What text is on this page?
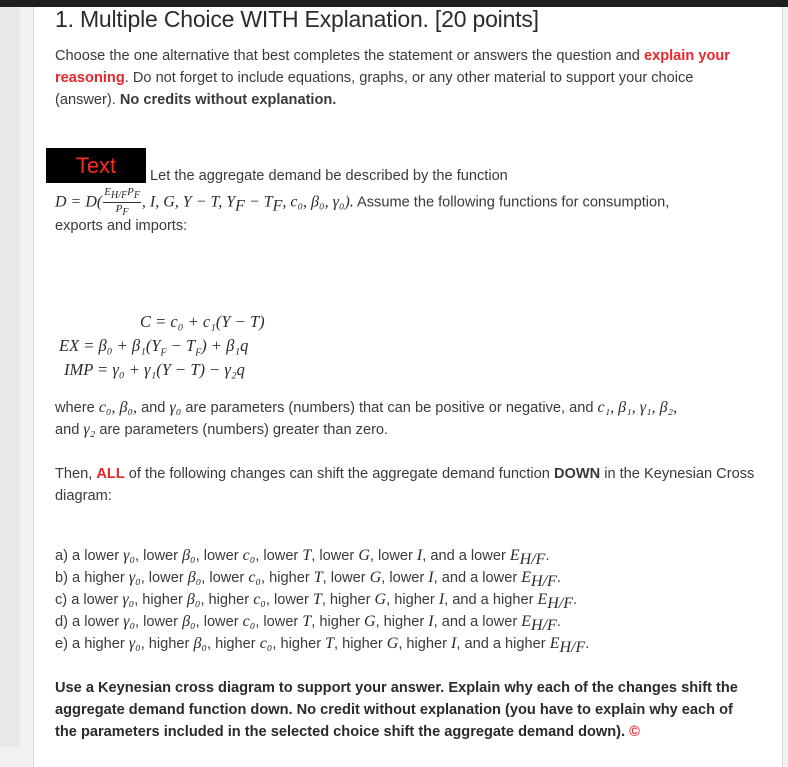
1. Multiple Choice WITH Explanation. [20 points]
Choose the one alternative that best completes the statement or answers the question and explain your reasoning. Do not forget to include equations, graphs, or any other material to support your choice (answer). No credits without explanation.
Text	Let the aggregate demand be described by the function
$D = D( \frac{E_{H/F}P_F}{P_F}$ , I, G, Y − T, $Y_F - T_F$, c₀, β₀, γ₀). Assume the following functions for consumption,
exports and imports:
C = c₀ + c₁(Y − T)
EX = $\beta_0 + \beta_1(Y_F - T_F) + \beta_1q$
IMP = γ₀ + γ₁(Y − T) − γ₂q
where c₀, β₀, and γ₀ are parameters (numbers) that can be positive or negative, and c₁, β₁, γ₁, β₂,
and γ₂ are parameters (numbers) greater than zero.
Then, ALL of the following changes can shift the aggregate demand function DOWN in the Keynesian Cross diagram:
a) a lower γ₀, lower β₀, lower c₀, lower T, lower G, lower I, and a lower $E_{H/F}$.
b) a higher γ₀, lower β₀, lower c₀, higher T, lower G, lower I, and a lower $E_{H/F}$.
c) a lower γ₀, higher β₀, higher c₀, lower T, higher G, higher I, and a higher $E_{H/F}$.
d) a lower γ₀, lower β₀, lower c₀, lower T, higher G, higher I, and a lower $E_{H/F}$.
e) a higher γ₀, higher β₀, higher c₀, higher T, higher G, higher I, and a higher $E_{H/F}$.
Use a Keynesian cross diagram to support your answer. Explain why each of the changes shift the aggregate demand function down. No credit without explanation (you have to explain why each of the parameters included in the selected choice shift the aggregate demand down). ©
